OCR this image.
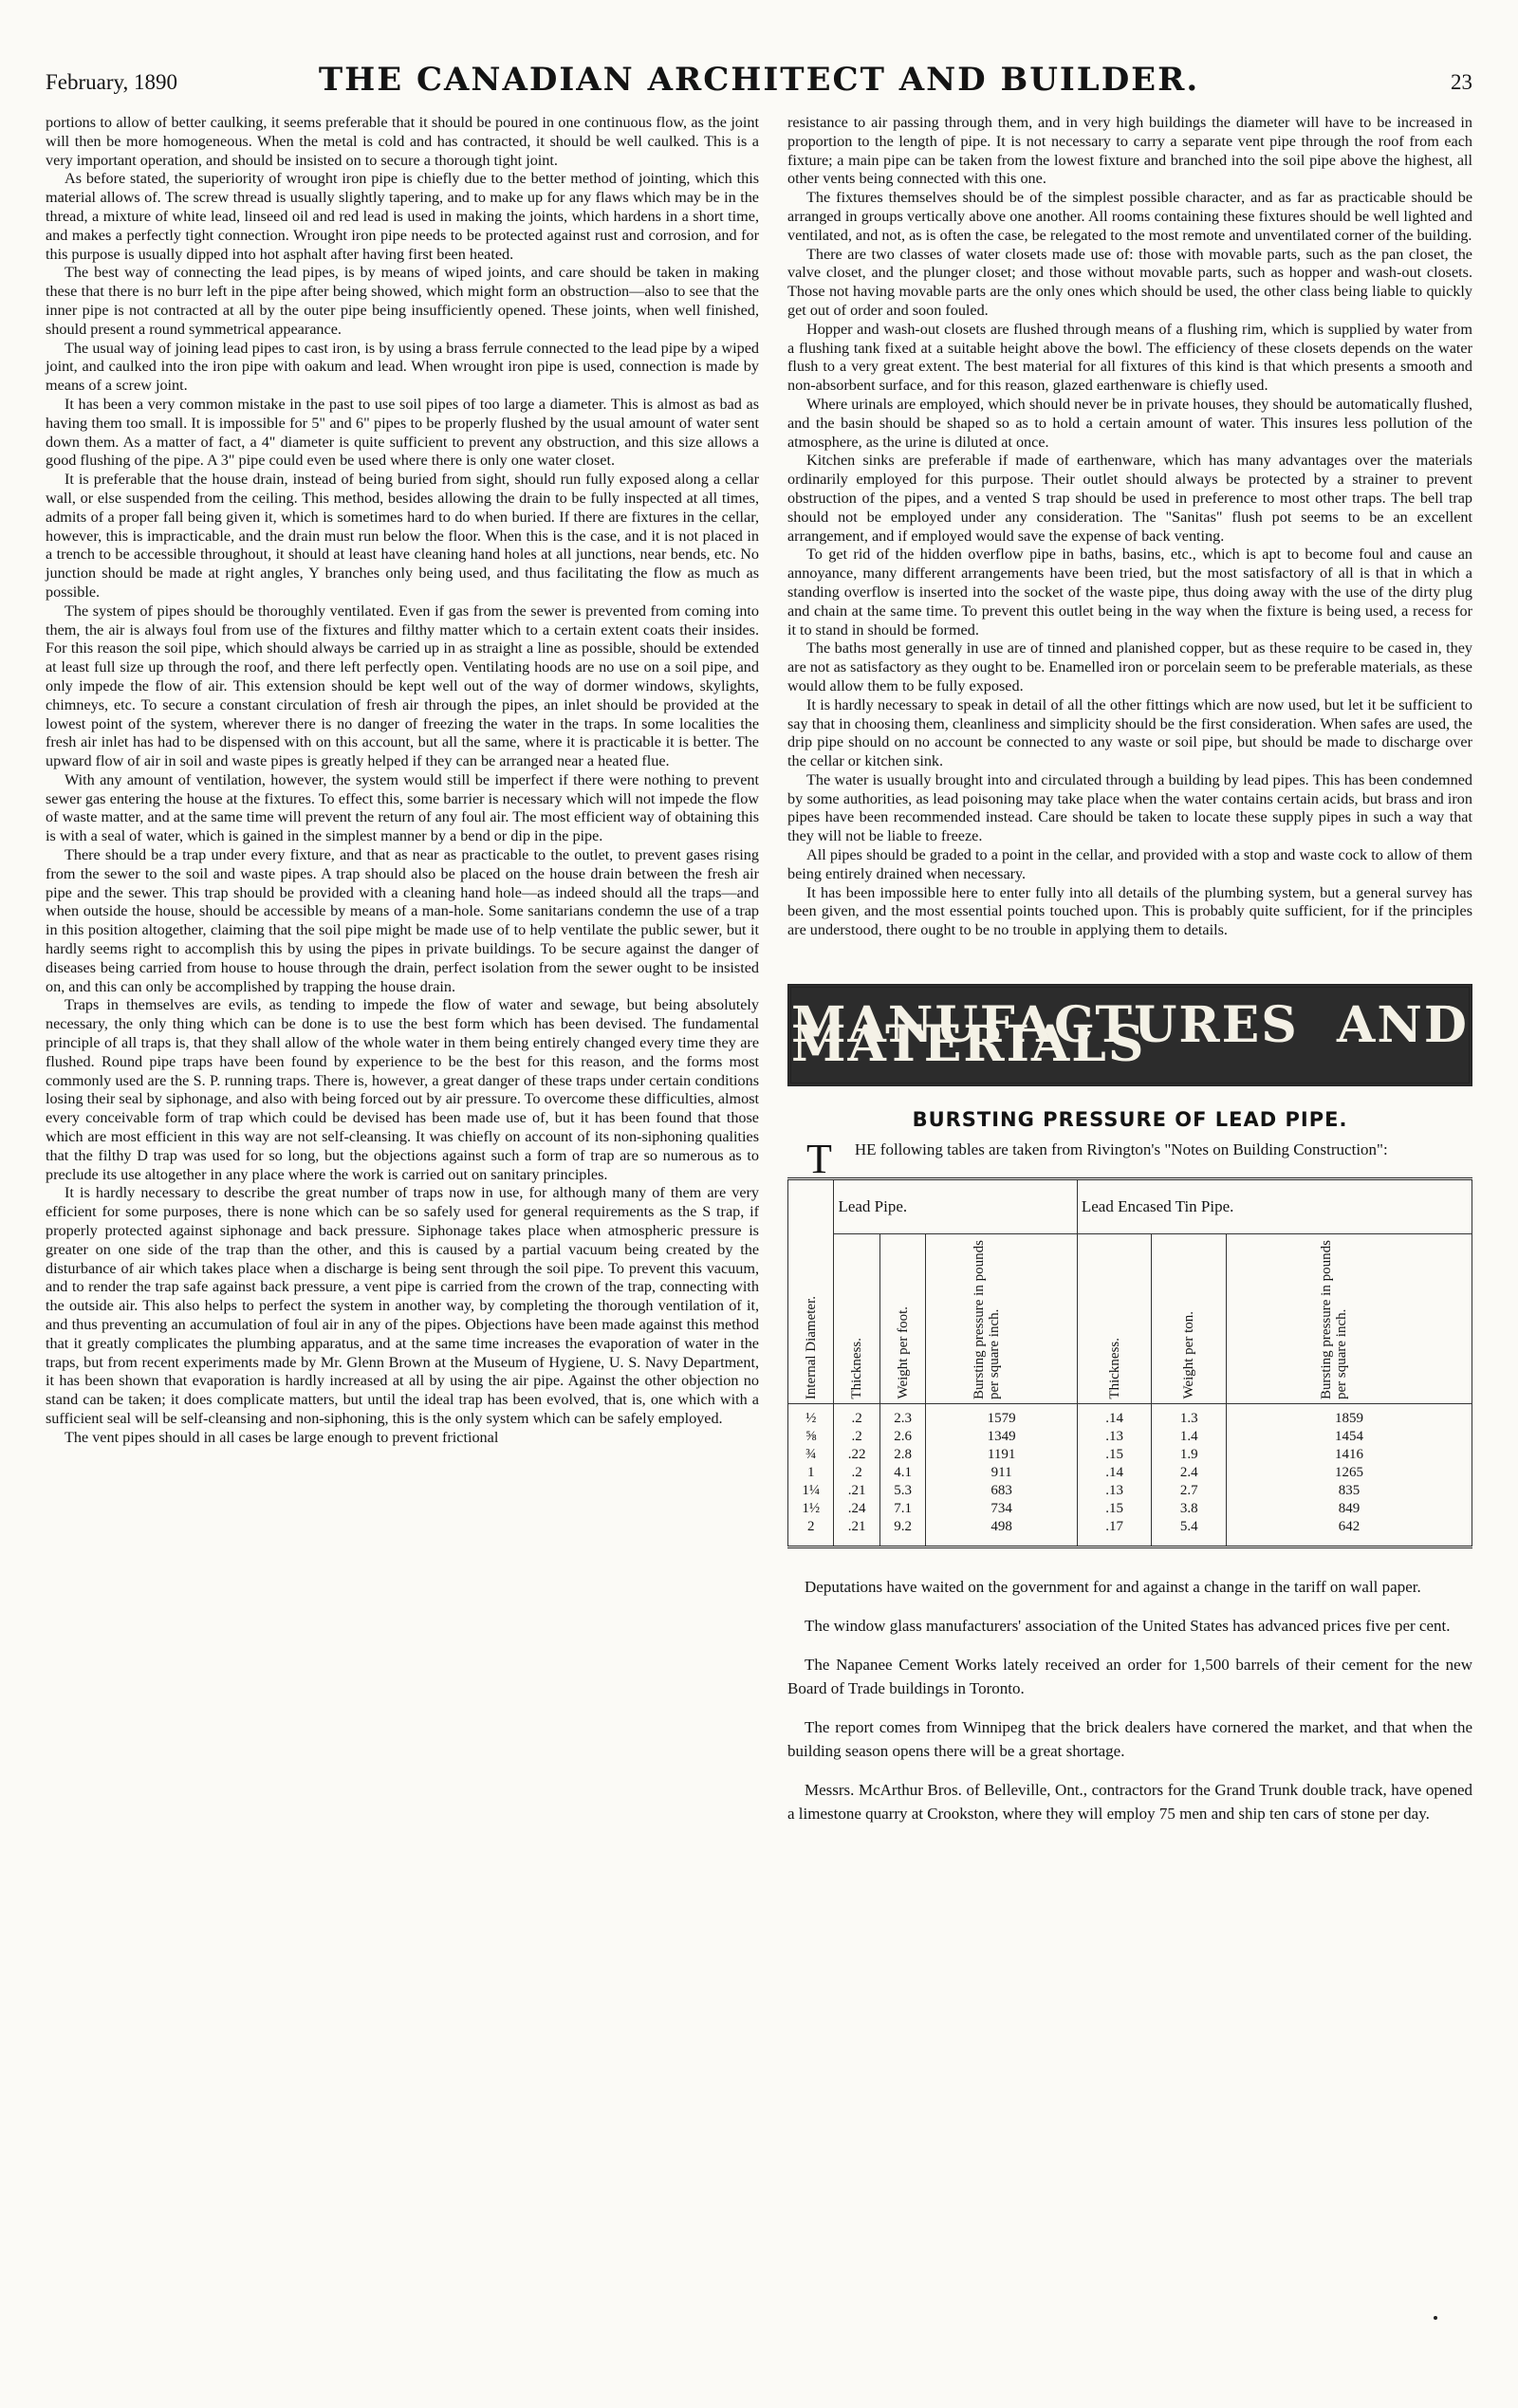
February, 1890	THE CANADIAN ARCHITECT AND BUILDER.	23

portions to allow of better caulking, it seems preferable that it should be poured in one continuous flow, as the joint will then be more homogeneous. When the metal is cold and has contracted, it should be well caulked. This is a very important operation, and should be insisted on to secure a thorough tight joint.

As before stated, the superiority of wrought iron pipe is chiefly due to the better method of jointing, which this material allows of. The screw thread is usually slightly tapering, and to make up for any flaws which may be in the thread, a mixture of white lead, linseed oil and red lead is used in making the joints, which hardens in a short time, and makes a perfectly tight connection. Wrought iron pipe needs to be protected against rust and corrosion, and for this purpose is usually dipped into hot asphalt after having first been heated.

The best way of connecting the lead pipes, is by means of wiped joints, and care should be taken in making these that there is no burr left in the pipe after being showed, which might form an obstruction—also to see that the inner pipe is not contracted at all by the outer pipe being insufficiently opened. These joints, when well finished, should present a round symmetrical appearance.

The usual way of joining lead pipes to cast iron, is by using a brass ferrule connected to the lead pipe by a wiped joint, and caulked into the iron pipe with oakum and lead. When wrought iron pipe is used, connection is made by means of a screw joint.

It has been a very common mistake in the past to use soil pipes of too large a diameter. This is almost as bad as having them too small. It is impossible for 5" and 6" pipes to be properly flushed by the usual amount of water sent down them. As a matter of fact, a 4" diameter is quite sufficient to prevent any obstruction, and this size allows a good flushing of the pipe. A 3" pipe could even be used where there is only one water closet.

It is preferable that the house drain, instead of being buried from sight, should run fully exposed along a cellar wall, or else suspended from the ceiling. This method, besides allowing the drain to be fully inspected at all times, admits of a proper fall being given it, which is sometimes hard to do when buried. If there are fixtures in the cellar, however, this is impracticable, and the drain must run below the floor. When this is the case, and it is not placed in a trench to be accessible throughout, it should at least have cleaning hand holes at all junctions, near bends, etc. No junction should be made at right angles, Y branches only being used, and thus facilitating the flow as much as possible.

The system of pipes should be thoroughly ventilated. Even if gas from the sewer is prevented from coming into them, the air is always foul from use of the fixtures and filthy matter which to a certain extent coats their insides. For this reason the soil pipe, which should always be carried up in as straight a line as possible, should be extended at least full size up through the roof, and there left perfectly open. Ventilating hoods are no use on a soil pipe, and only impede the flow of air. This extension should be kept well out of the way of dormer windows, skylights, chimneys, etc. To secure a constant circulation of fresh air through the pipes, an inlet should be provided at the lowest point of the system, wherever there is no danger of freezing the water in the traps. In some localities the fresh air inlet has had to be dispensed with on this account, but all the same, where it is practicable it is better. The upward flow of air in soil and waste pipes is greatly helped if they can be arranged near a heated flue.

With any amount of ventilation, however, the system would still be imperfect if there were nothing to prevent sewer gas entering the house at the fixtures. To effect this, some barrier is necessary which will not impede the flow of waste matter, and at the same time will prevent the return of any foul air. The most efficient way of obtaining this is with a seal of water, which is gained in the simplest manner by a bend or dip in the pipe.

There should be a trap under every fixture, and that as near as practicable to the outlet, to prevent gases rising from the sewer to the soil and waste pipes. A trap should also be placed on the house drain between the fresh air pipe and the sewer. This trap should be provided with a cleaning hand hole—as indeed should all the traps—and when outside the house, should be accessible by means of a man-hole. Some sanitarians condemn the use of a trap in this position altogether, claiming that the soil pipe might be made use of to help ventilate the public sewer, but it hardly seems right to accomplish this by using the pipes in private buildings. To be secure against the danger of diseases being carried from house to house through the drain, perfect isolation from the sewer ought to be insisted on, and this can only be accomplished by trapping the house drain.

Traps in themselves are evils, as tending to impede the flow of water and sewage, but being absolutely necessary, the only thing which can be done is to use the best form which has been devised. The fundamental principle of all traps is, that they shall allow of the whole water in them being entirely changed every time they are flushed. Round pipe traps have been found by experience to be the best for this reason, and the forms most commonly used are the S. P. running traps. There is, however, a great danger of these traps under certain conditions losing their seal by siphonage, and also with being forced out by air pressure. To overcome these difficulties, almost every conceivable form of trap which could be devised has been made use of, but it has been found that those which are most efficient in this way are not self-cleansing. It was chiefly on account of its non-siphoning qualities that the filthy D trap was used for so long, but the objections against such a form of trap are so numerous as to preclude its use altogether in any place where the work is carried out on sanitary principles.

It is hardly necessary to describe the great number of traps now in use, for although many of them are very efficient for some purposes, there is none which can be so safely used for general requirements as the S trap, if properly protected against siphonage and back pressure. Siphonage takes place when atmospheric pressure is greater on one side of the trap than the other, and this is caused by a partial vacuum being created by the disturbance of air which takes place when a discharge is being sent through the soil pipe. To prevent this vacuum, and to render the trap safe against back pressure, a vent pipe is carried from the crown of the trap, connecting with the outside air. This also helps to perfect the system in another way, by completing the thorough ventilation of it, and thus preventing an accumulation of foul air in any of the pipes. Objections have been made against this method that it greatly complicates the plumbing apparatus, and at the same time increases the evaporation of water in the traps, but from recent experiments made by Mr. Glenn Brown at the Museum of Hygiene, U. S. Navy Department, it has been shown that evaporation is hardly increased at all by using the air pipe. Against the other objection no stand can be taken; it does complicate matters, but until the ideal trap has been evolved, that is, one which with a sufficient seal will be self-cleansing and non-siphoning, this is the only system which can be safely employed.

The vent pipes should in all cases be large enough to prevent frictional

resistance to air passing through them, and in very high buildings the diameter will have to be increased in proportion to the length of pipe. It is not necessary to carry a separate vent pipe through the roof from each fixture; a main pipe can be taken from the lowest fixture and branched into the soil pipe above the highest, all other vents being connected with this one.

The fixtures themselves should be of the simplest possible character, and as far as practicable should be arranged in groups vertically above one another. All rooms containing these fixtures should be well lighted and ventilated, and not, as is often the case, be relegated to the most remote and unventilated corner of the building.

There are two classes of water closets made use of: those with movable parts, such as the pan closet, the valve closet, and the plunger closet; and those without movable parts, such as hopper and wash-out closets. Those not having movable parts are the only ones which should be used, the other class being liable to quickly get out of order and soon fouled.

Hopper and wash-out closets are flushed through means of a flushing rim, which is supplied by water from a flushing tank fixed at a suitable height above the bowl. The efficiency of these closets depends on the water flush to a very great extent. The best material for all fixtures of this kind is that which presents a smooth and non-absorbent surface, and for this reason, glazed earthenware is chiefly used.

Where urinals are employed, which should never be in private houses, they should be automatically flushed, and the basin should be shaped so as to hold a certain amount of water. This insures less pollution of the atmosphere, as the urine is diluted at once.

Kitchen sinks are preferable if made of earthenware, which has many advantages over the materials ordinarily employed for this purpose. Their outlet should always be protected by a strainer to prevent obstruction of the pipes, and a vented S trap should be used in preference to most other traps. The bell trap should not be employed under any consideration. The "Sanitas" flush pot seems to be an excellent arrangement, and if employed would save the expense of back venting.

To get rid of the hidden overflow pipe in baths, basins, etc., which is apt to become foul and cause an annoyance, many different arrangements have been tried, but the most satisfactory of all is that in which a standing overflow is inserted into the socket of the waste pipe, thus doing away with the use of the dirty plug and chain at the same time. To prevent this outlet being in the way when the fixture is being used, a recess for it to stand in should be formed.

The baths most generally in use are of tinned and planished copper, but as these require to be cased in, they are not as satisfactory as they ought to be. Enamelled iron or porcelain seem to be preferable materials, as these would allow them to be fully exposed.

It is hardly necessary to speak in detail of all the other fittings which are now used, but let it be sufficient to say that in choosing them, cleanliness and simplicity should be the first consideration. When safes are used, the drip pipe should on no account be connected to any waste or soil pipe, but should be made to discharge over the cellar or kitchen sink.

The water is usually brought into and circulated through a building by lead pipes. This has been condemned by some authorities, as lead poisoning may take place when the water contains certain acids, but brass and iron pipes have been recommended instead. Care should be taken to locate these supply pipes in such a way that they will not be liable to freeze.

All pipes should be graded to a point in the cellar, and provided with a stop and waste cock to allow of them being entirely drained when necessary.

It has been impossible here to enter fully into all details of the plumbing system, but a general survey has been given, and the most essential points touched upon. This is probably quite sufficient, for if the principles are understood, there ought to be no trouble in applying them to details.

MANUFACTURES AND MATERIALS
BURSTING PRESSURE OF LEAD PIPE.

T HE following tables are taken from Rivington's "Notes on Building Construction":

Internal Diameter.	Lead Pipe.			Lead Encased Tin Pipe.		

	Thickness.	Weight per foot.	Bursting pressure in pounds per square inch.	Thickness.	Weight per ton.	Bursting pressure in pounds per square inch.

½	.2	2.3	1579	.14	1.3	1859
⅝	.2	2.6	1349	.13	1.4	1454
¾	.22	2.8	1191	.15	1.9	1416
1	.2	4.1	911	.14	2.4	1265
1¼	.21	5.3	683	.13	2.7	835
1½	.24	7.1	734	.15	3.8	849
2	.21	9.2	498	.17	5.4	642

Deputations have waited on the government for and against a change in the tariff on wall paper.

The window glass manufacturers' association of the United States has advanced prices five per cent.

The Napanee Cement Works lately received an order for 1,500 barrels of their cement for the new Board of Trade buildings in Toronto.

The report comes from Winnipeg that the brick dealers have cornered the market, and that when the building season opens there will be a great shortage.

Messrs. McArthur Bros. of Belleville, Ont., contractors for the Grand Trunk double track, have opened a limestone quarry at Crookston, where they will employ 75 men and ship ten cars of stone per day.
